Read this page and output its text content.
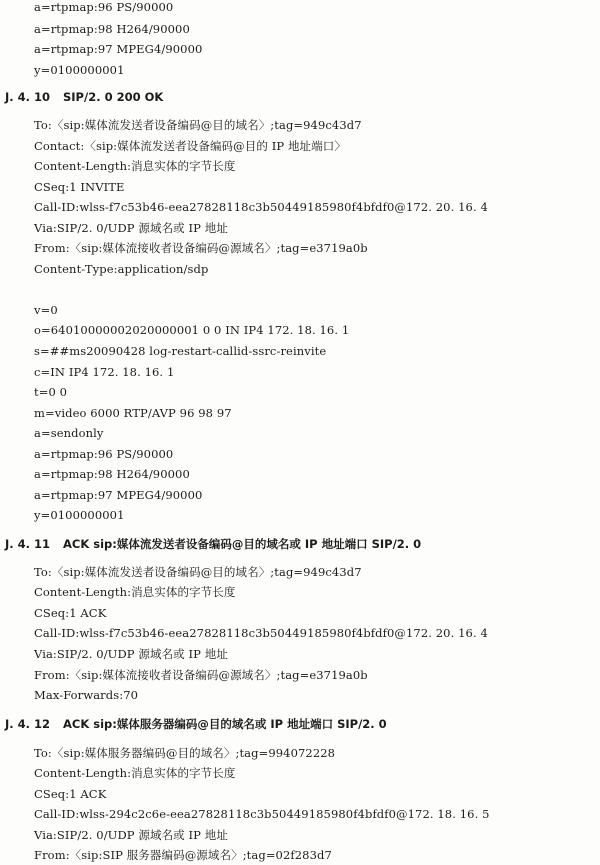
a=rtpmap:96 PS/90000
a=rtpmap:98 H264/90000
a=rtpmap:97 MPEG4/90000
y=0100000001
J. 4. 10 SIP/2. 0 200 OK
To:〈sip:媒体流发送者设备编码@目的域名〉;tag=949c43d7
Contact:〈sip:媒体流发送者设备编码@目的 IP 地址端口〉
Content-Length:消息实体的字节长度
CSeq:1 INVITE
Call-ID:wlss-f7c53b46-eea27828118c3b50449185980f4bfdf0@172. 20. 16. 4
Via:SIP/2. 0/UDP 源域名或 IP 地址
From:〈sip:媒体流接收者设备编码@源域名〉;tag=e3719a0b
Content-Type:application/sdp
v=0
o=64010000002020000001 0 0 IN IP4 172. 18. 16. 1
s=##ms20090428 log-restart-callid-ssrc-reinvite
c=IN IP4 172. 18. 16. 1
t=0 0
m=video 6000 RTP/AVP 96 98 97
a=sendonly
a=rtpmap:96 PS/90000
a=rtpmap:98 H264/90000
a=rtpmap:97 MPEG4/90000
y=0100000001
J. 4. 11 ACK sip:媒体流发送者设备编码@目的域名或 IP 地址端口 SIP/2. 0
To:〈sip:媒体流发送者设备编码@目的域名〉;tag=949c43d7
Content-Length:消息实体的字节长度
CSeq:1 ACK
Call-ID:wlss-f7c53b46-eea27828118c3b50449185980f4bfdf0@172. 20. 16. 4
Via:SIP/2. 0/UDP 源域名或 IP 地址
From:〈sip:媒体流接收者设备编码@源域名〉;tag=e3719a0b
Max-Forwards:70
J. 4. 12 ACK sip:媒体服务器编码@目的域名或 IP 地址端口 SIP/2. 0
To:〈sip:媒体服务器编码@目的域名〉;tag=994072228
Content-Length:消息实体的字节长度
CSeq:1 ACK
Call-ID:wlss-294c2c6e-eea27828118c3b50449185980f4bfdf0@172. 18. 16. 5
Via:SIP/2. 0/UDP 源域名或 IP 地址
From:〈sip:SIP 服务器编码@源域名〉;tag=02f283d7
